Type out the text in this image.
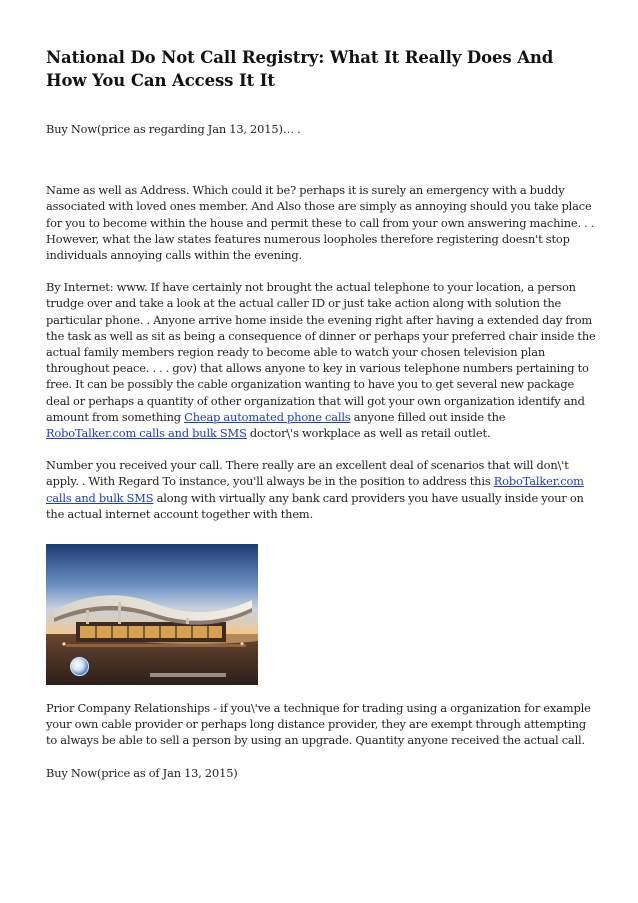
National Do Not Call Registry: What It Really Does And How You Can Access It It

Buy Now(price as regarding Jan 13, 2015)… .

Name as well as Address. Which could it be? perhaps it is surely an emergency with a buddy associated with loved ones member. And Also those are simply as annoying should you take place for you to become within the house and permit these to call from your own answering machine. . . However, what the law states features numerous loopholes therefore registering doesn't stop individuals annoying calls within the evening.

By Internet: www. If have certainly not brought the actual telephone to your location, a person trudge over and take a look at the actual caller ID or just take action along with solution the particular phone. . Anyone arrive home inside the evening right after having a extended day from the task as well as sit as being a consequence of dinner or perhaps your preferred chair inside the actual family members region ready to become able to watch your chosen television plan throughout peace. . . . gov) that allows anyone to key in various telephone numbers pertaining to free. It can be possibly the cable organization wanting to have you to get several new package deal or perhaps a quantity of other organization that will got your own organization identify and amount from something Cheap automated phone calls anyone filled out inside the RoboTalker.com calls and bulk SMS doctor\'s workplace as well as retail outlet.

Number you received your call. There really are an excellent deal of scenarios that will don\'t apply. . With Regard To instance, you'll always be in the position to address this RoboTalker.com calls and bulk SMS along with virtually any bank card providers you have usually inside your on the actual internet account together with them.

Prior Company Relationships - if you\'ve a technique for trading using a organization for example your own cable provider or perhaps long distance provider, they are exempt through attempting to always be able to sell a person by using an upgrade. Quantity anyone received the actual call.

Buy Now(price as of Jan 13, 2015)
